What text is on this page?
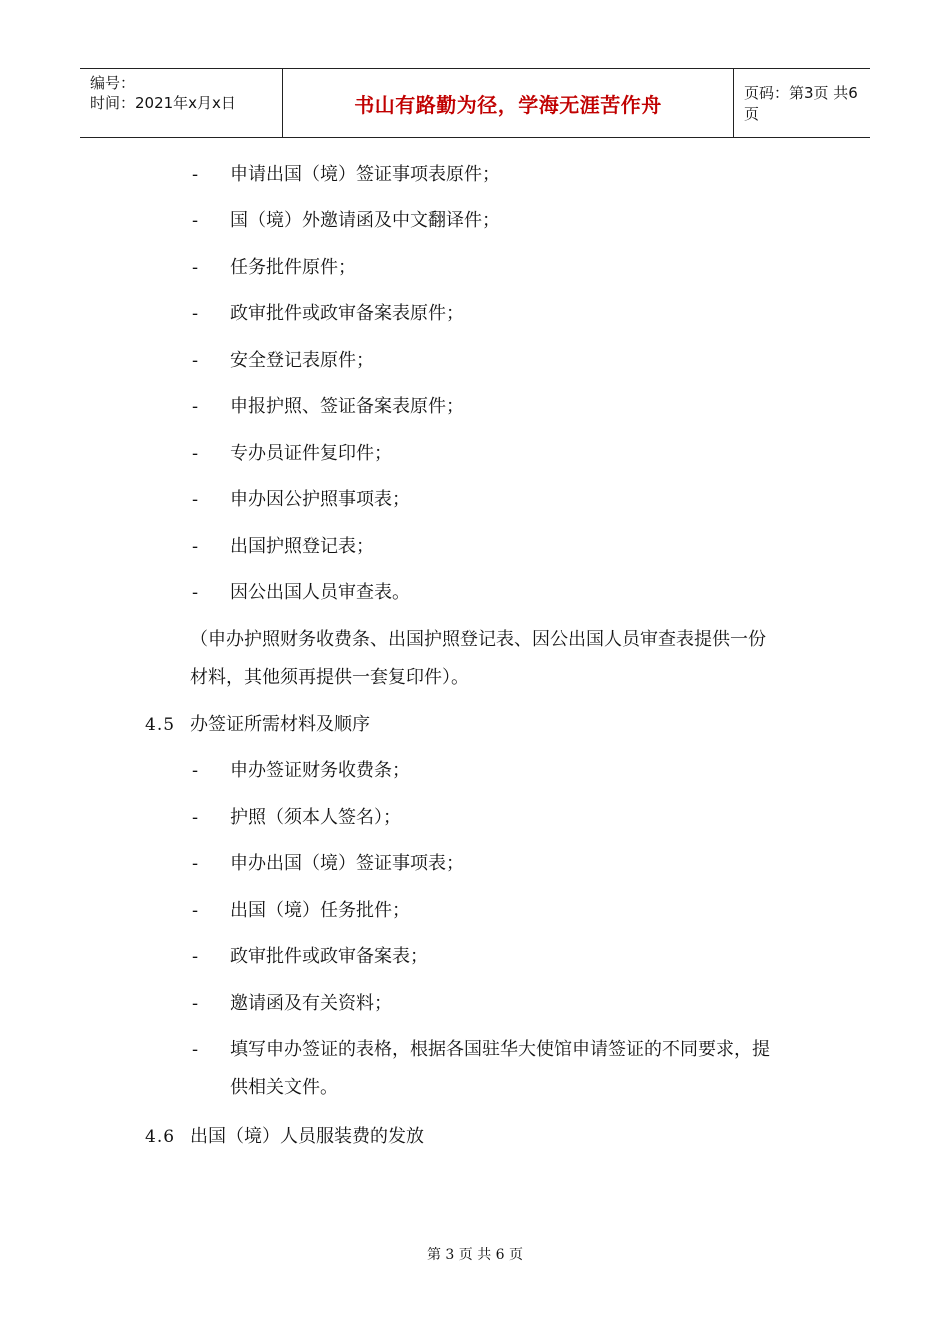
编号：
时间：2021年x月x日	书山有路勤为径，学海无涯苦作舟	页码：第3页 共6页
- 申请出国（境）签证事项表原件；
- 国（境）外邀请函及中文翻译件；
- 任务批件原件；
- 政审批件或政审备案表原件；
- 安全登记表原件；
- 申报护照、签证备案表原件；
- 专办员证件复印件；
- 申办因公护照事项表；
- 出国护照登记表；
- 因公出国人员审查表。
（申办护照财务收费条、出国护照登记表、因公出国人员审查表提供一份
材料，其他须再提供一套复印件）。
4.5 办签证所需材料及顺序
- 申办签证财务收费条；
- 护照（须本人签名）；
- 申办出国（境）签证事项表；
- 出国（境）任务批件；
- 政审批件或政审备案表；
- 邀请函及有关资料；
- 填写申办签证的表格，根据各国驻华大使馆申请签证的不同要求，提
供相关文件。
4.6 出国（境）人员服装费的发放
第 3 页 共 6 页
